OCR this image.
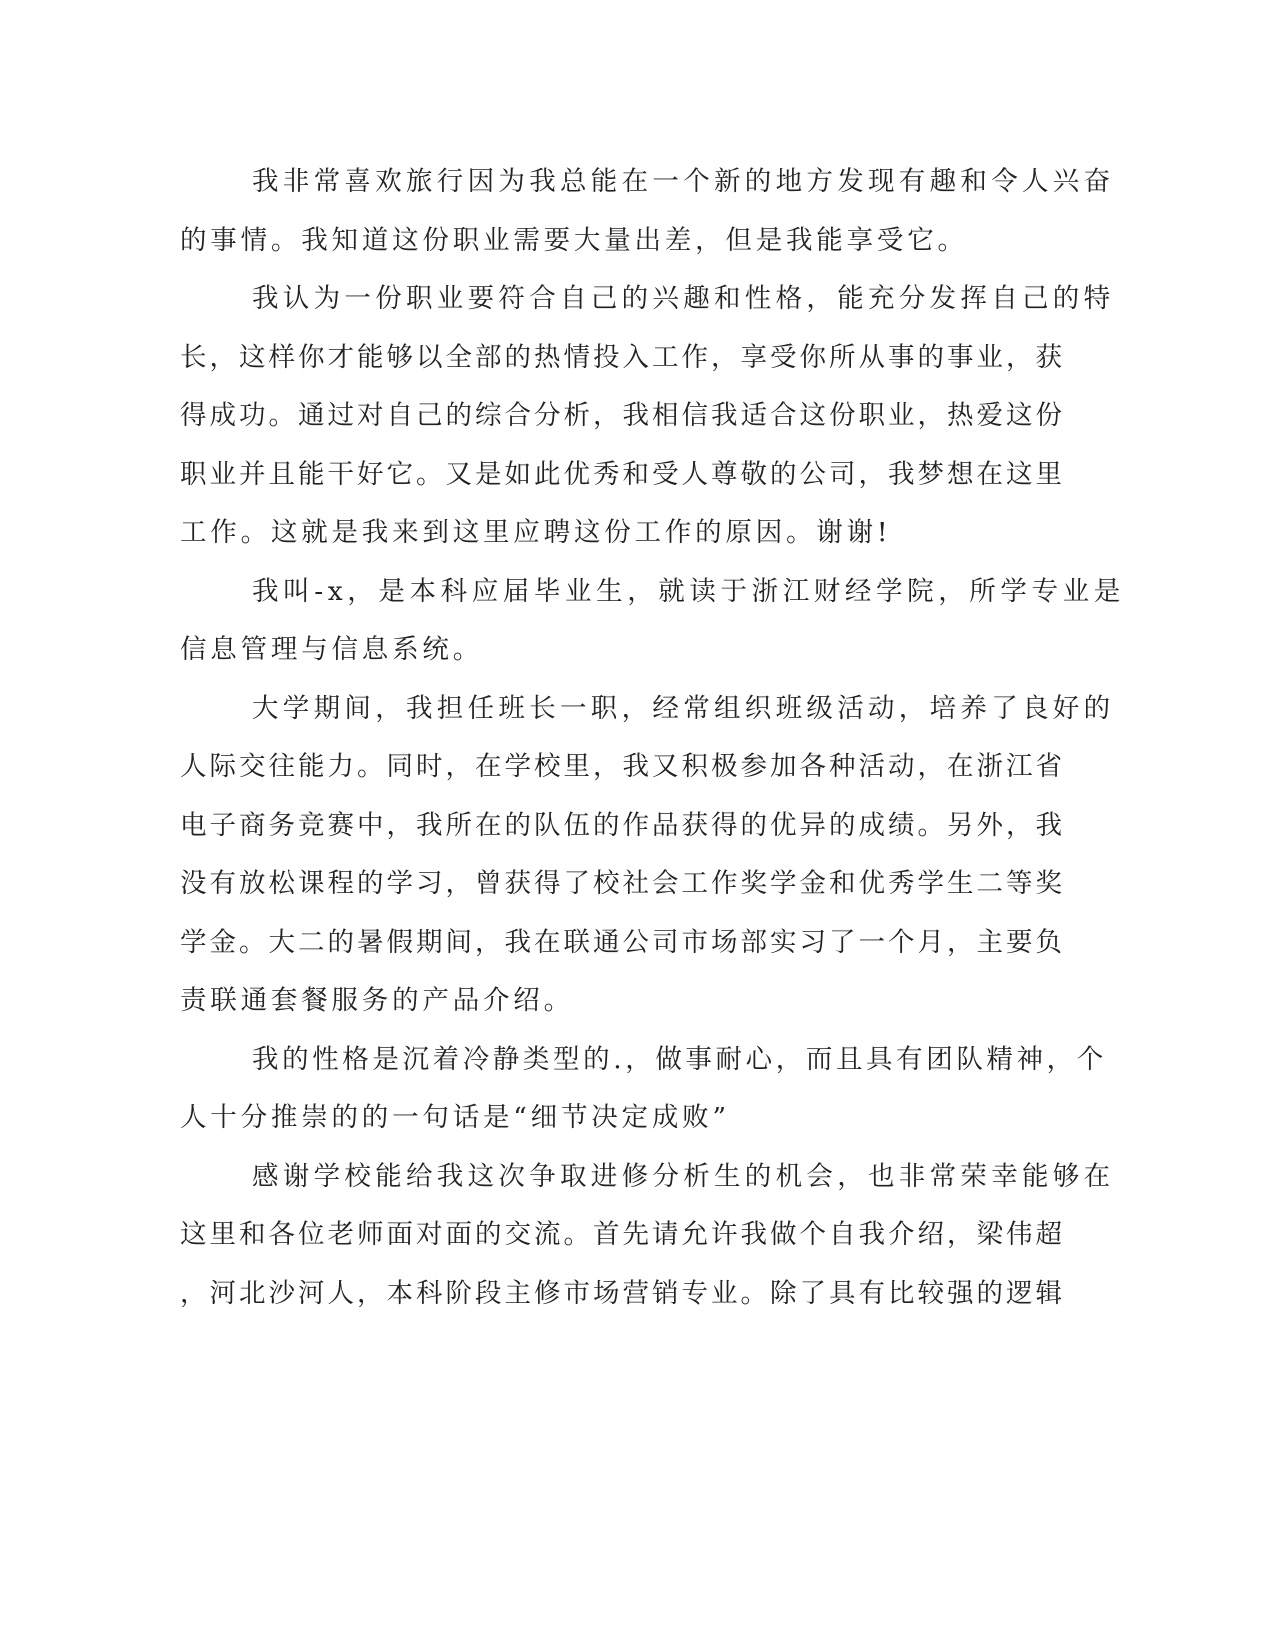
我非常喜欢旅行因为我总能在一个新的地方发现有趣和令人兴奋
的事情。我知道这份职业需要大量出差，但是我能享受它。
我认为一份职业要符合自己的兴趣和性格，能充分发挥自己的特
长，这样你才能够以全部的热情投入工作，享受你所从事的事业，获
得成功。通过对自己的综合分析，我相信我适合这份职业，热爱这份
职业并且能干好它。又是如此优秀和受人尊敬的公司，我梦想在这里
工作。这就是我来到这里应聘这份工作的原因。谢谢!
我叫-x，是本科应届毕业生，就读于浙江财经学院，所学专业是
信息管理与信息系统。
大学期间，我担任班长一职，经常组织班级活动，培养了良好的
人际交往能力。同时，在学校里，我又积极参加各种活动，在浙江省
电子商务竞赛中，我所在的队伍的作品获得的优异的成绩。另外，我
没有放松课程的学习，曾获得了校社会工作奖学金和优秀学生二等奖
学金。大二的暑假期间，我在联通公司市场部实习了一个月，主要负
责联通套餐服务的产品介绍。
我的性格是沉着冷静类型的.，做事耐心，而且具有团队精神，个
人十分推崇的的一句话是“细节决定成败”
感谢学校能给我这次争取进修分析生的机会，也非常荣幸能够在
这里和各位老师面对面的交流。首先请允许我做个自我介绍，梁伟超
，河北沙河人，本科阶段主修市场营销专业。除了具有比较强的逻辑
